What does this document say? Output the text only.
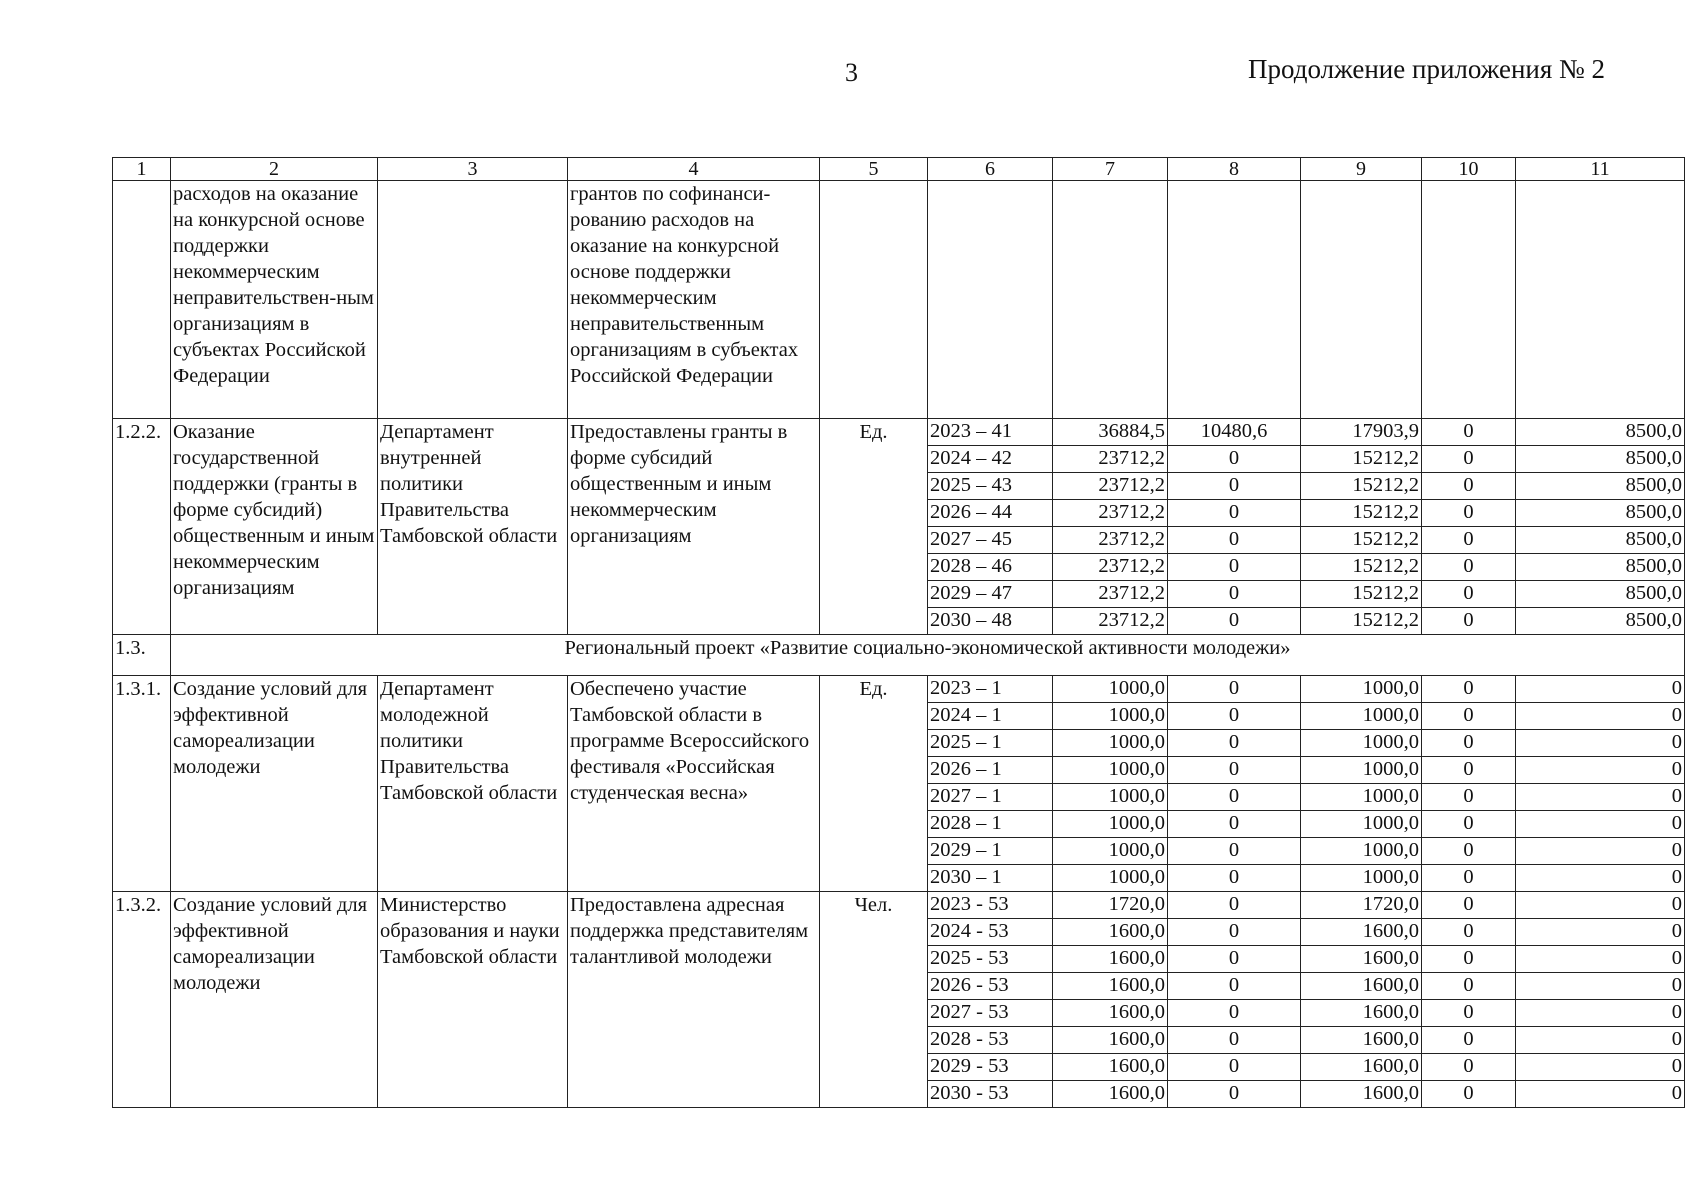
3	Продолжение приложения № 2
1	2	3	4	5	6	7	8	9	10	11
	расходов на оказание на конкурсной основе поддержки некоммерческим неправительствен-ным организациям в субъектах Российской Федерации		грантов по софинанси-рованию расходов на оказание на конкурсной основе поддержки некоммерческим неправительственным организациям в субъектах Российской Федерации							
1.2.2.	Оказание государственной поддержки (гранты в форме субсидий) общественным и иным некоммерческим организациям	Департамент внутренней политики Правительства Тамбовской области	Предоставлены гранты в форме субсидий общественным и иным некоммерческим организациям	Ед.	2023 – 41	36884,5	10480,6	17903,9	0	8500,0
					2024 – 42	23712,2	0	15212,2	0	8500,0
					2025 – 43	23712,2	0	15212,2	0	8500,0
					2026 – 44	23712,2	0	15212,2	0	8500,0
					2027 – 45	23712,2	0	15212,2	0	8500,0
					2028 – 46	23712,2	0	15212,2	0	8500,0
					2029 – 47	23712,2	0	15212,2	0	8500,0
					2030 – 48	23712,2	0	15212,2	0	8500,0
1.3.	Региональный проект «Развитие социально-экономической активности молодежи»									
1.3.1.	Создание условий для эффективной самореализации молодежи	Департамент молодежной политики Правительства Тамбовской области	Обеспечено участие Тамбовской области в программе Всероссийского фестиваля «Российская студенческая весна»	Ед.	2023 – 1	1000,0	0	1000,0	0	0
					2024 – 1	1000,0	0	1000,0	0	0
					2025 – 1	1000,0	0	1000,0	0	0
					2026 – 1	1000,0	0	1000,0	0	0
					2027 – 1	1000,0	0	1000,0	0	0
					2028 – 1	1000,0	0	1000,0	0	0
					2029 – 1	1000,0	0	1000,0	0	0
					2030 – 1	1000,0	0	1000,0	0	0
1.3.2.	Создание условий для эффективной самореализации молодежи	Министерство образования и науки Тамбовской области	Предоставлена адресная поддержка представителям талантливой молодежи	Чел.	2023 - 53	1720,0	0	1720,0	0	0
					2024 - 53	1600,0	0	1600,0	0	0
					2025 - 53	1600,0	0	1600,0	0	0
					2026 - 53	1600,0	0	1600,0	0	0
					2027 - 53	1600,0	0	1600,0	0	0
					2028 - 53	1600,0	0	1600,0	0	0
					2029 - 53	1600,0	0	1600,0	0	0
					2030 - 53	1600,0	0	1600,0	0	0
